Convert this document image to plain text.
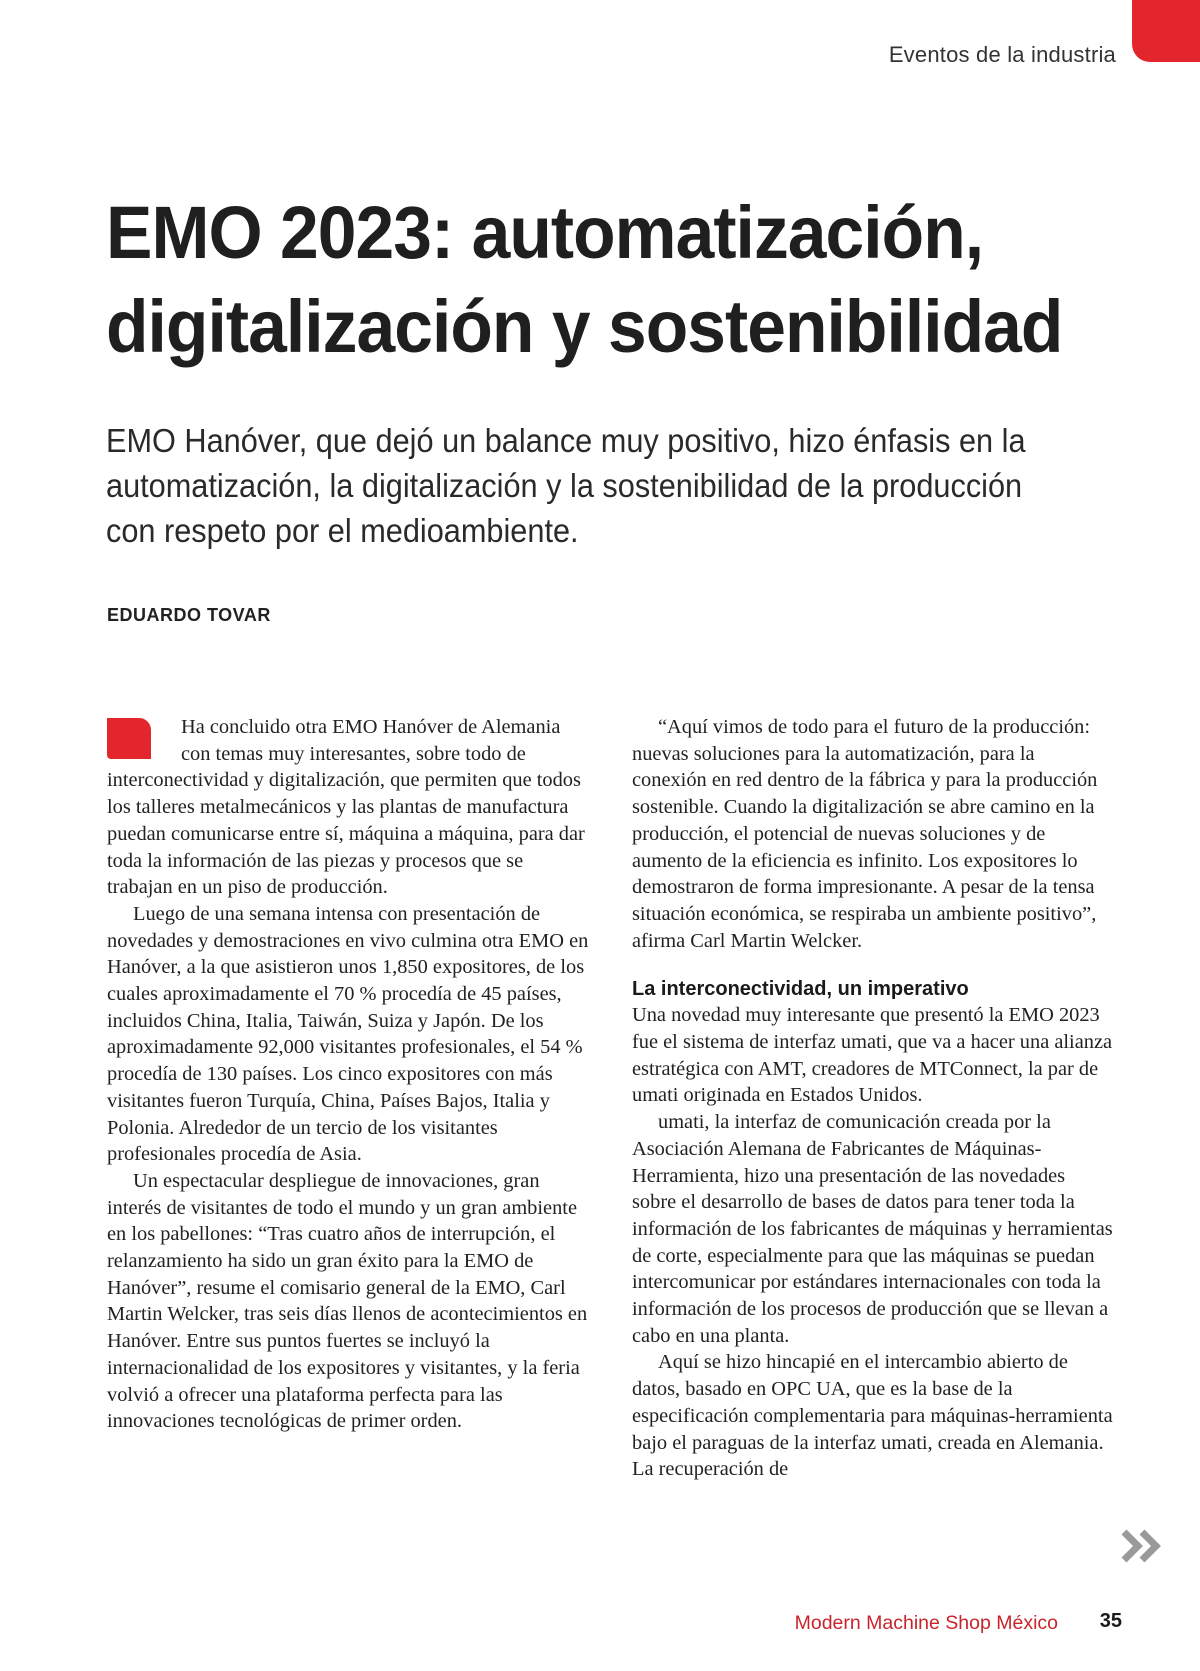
Eventos de la industria
EMO 2023: automatización,
digitalización y sostenibilidad

EMO Hanóver, que dejó un balance muy positivo, hizo énfasis en la automatización, la digitalización y la sostenibilidad de la producción con respeto por el medioambiente.

EDUARDO TOVAR

Ha concluido otra EMO Hanóver de Alemania con temas muy interesantes, sobre todo de interconectividad y digitalización, que permiten que todos los talleres metalmecánicos y las plantas de manufactura puedan comunicarse entre sí, máquina a máquina, para dar toda la información de las piezas y procesos que se trabajan en un piso de producción.

Luego de una semana intensa con presentación de novedades y demostraciones en vivo culmina otra EMO en Hanóver, a la que asistieron unos 1,850 expositores, de los cuales aproximadamente el 70 % procedía de 45 países, incluidos China, Italia, Taiwán, Suiza y Japón. De los aproximadamente 92,000 visitantes profesionales, el 54 % procedía de 130 países. Los cinco expositores con más visitantes fueron Turquía, China, Países Bajos, Italia y Polonia. Alrededor de un tercio de los visitantes profesionales procedía de Asia.

Un espectacular despliegue de innovaciones, gran interés de visitantes de todo el mundo y un gran ambiente en los pabellones: “Tras cuatro años de interrupción, el relanzamiento ha sido un gran éxito para la EMO de Hanóver”, resume el comisario general de la EMO, Carl Martin Welcker, tras seis días llenos de acontecimientos en Hanóver. Entre sus puntos fuertes se incluyó la internacionalidad de los expositores y visitantes, y la feria volvió a ofrecer una plataforma perfecta para las innovaciones tecnológicas de primer orden.

“Aquí vimos de todo para el futuro de la producción: nuevas soluciones para la automatización, para la conexión en red dentro de la fábrica y para la producción sostenible. Cuando la digitalización se abre camino en la producción, el potencial de nuevas soluciones y de aumento de la eficiencia es infinito. Los expositores lo demostraron de forma impresionante. A pesar de la tensa situación económica, se respiraba un ambiente positivo”, afirma Carl Martin Welcker.

La interconectividad, un imperativo

Una novedad muy interesante que presentó la EMO 2023 fue el sistema de interfaz umati, que va a hacer una alianza estratégica con AMT, creadores de MTConnect, la par de umati originada en Estados Unidos.

umati, la interfaz de comunicación creada por la Asociación Alemana de Fabricantes de Máquinas-Herramienta, hizo una presentación de las novedades sobre el desarrollo de bases de datos para tener toda la información de los fabricantes de máquinas y herramientas de corte, especialmente para que las máquinas se puedan intercomunicar por estándares internacionales con toda la información de los procesos de producción que se llevan a cabo en una planta.

Aquí se hizo hincapié en el intercambio abierto de datos, basado en OPC UA, que es la base de la especificación complementaria para máquinas-herramienta bajo el paraguas de la interfaz umati, creada en Alemania. La recuperación de

Modern Machine Shop México 35
